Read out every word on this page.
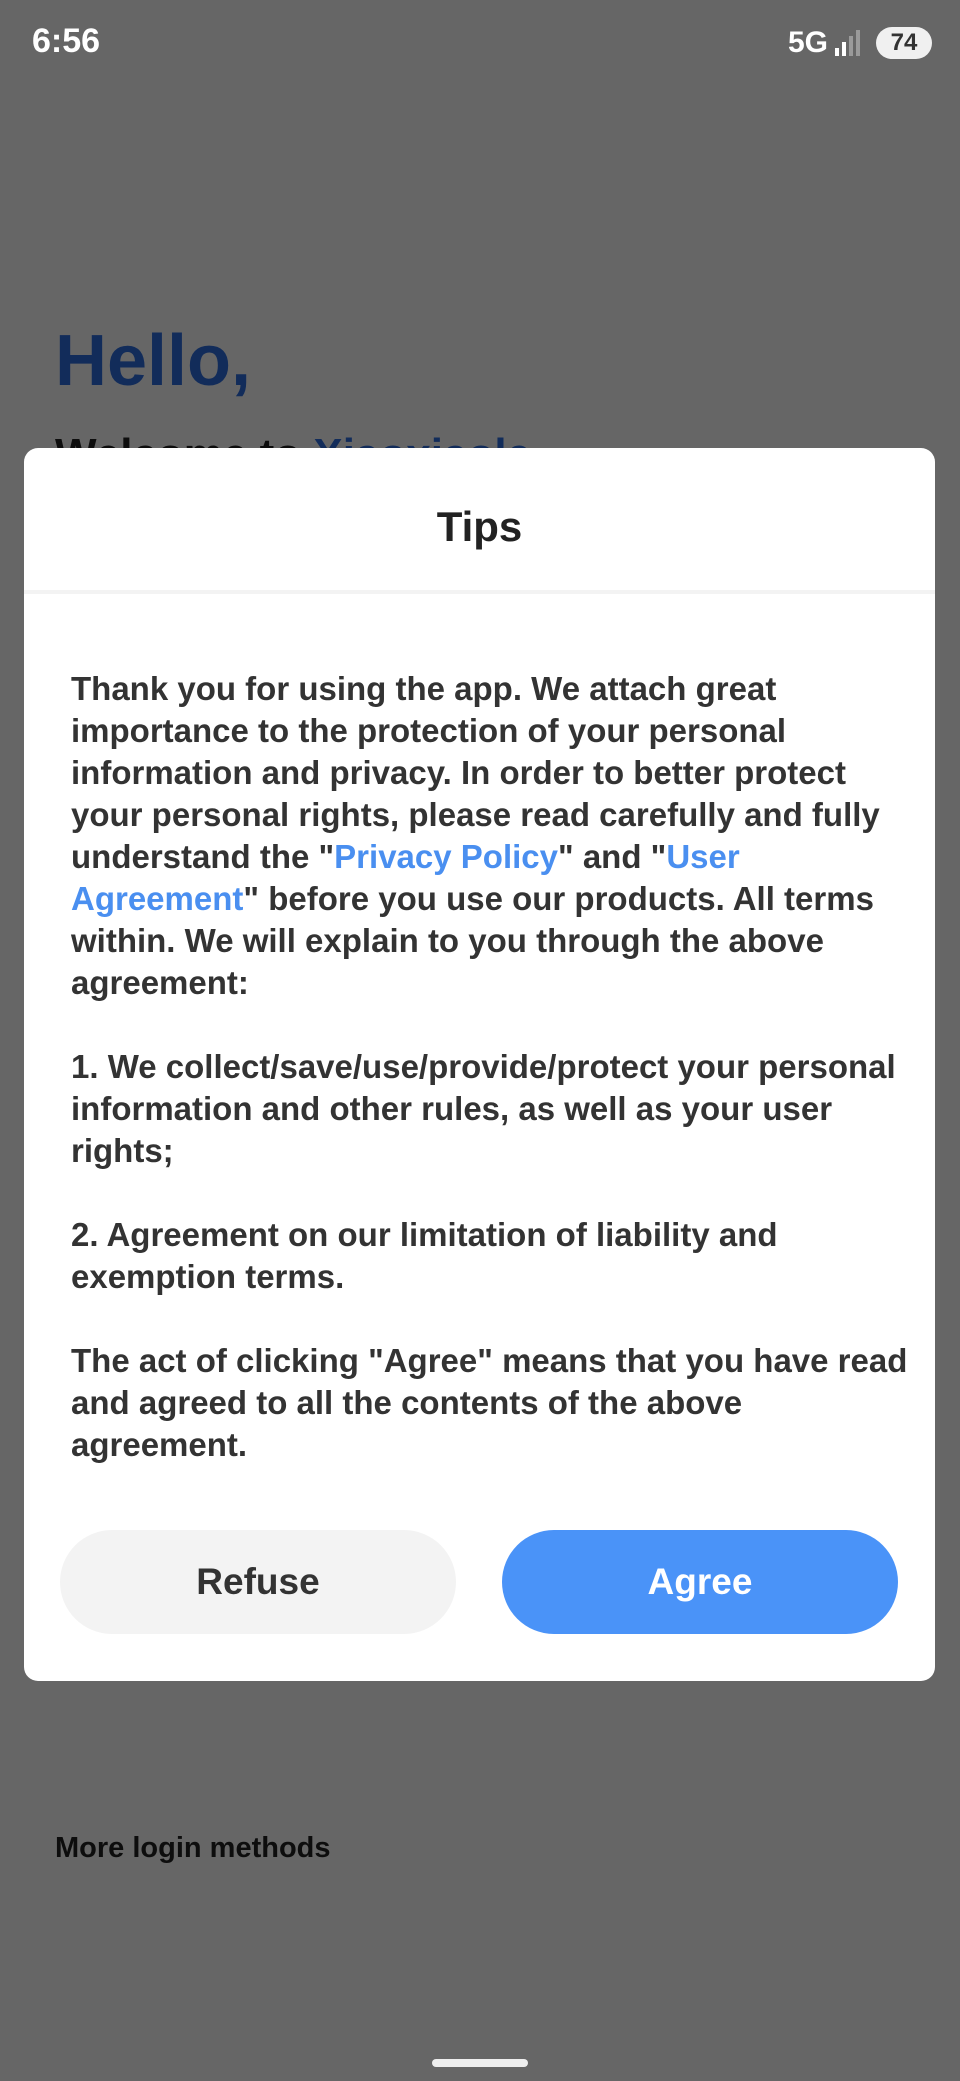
6:56	5G	74
Tips

Thank you for using the app. We attach great importance to the protection of your personal information and privacy. In order to better protect your personal rights, please read carefully and fully understand the "Privacy Policy" and "User Agreement" before you use our products. All terms within. We will explain to you through the above agreement:

1. We collect/save/use/provide/protect your personal information and other rules, as well as your user rights;

2. Agreement on our limitation of liability and exemption terms.

The act of clicking "Agree" means that you have read and agreed to all the contents of the above agreement.

Refuse	Agree
